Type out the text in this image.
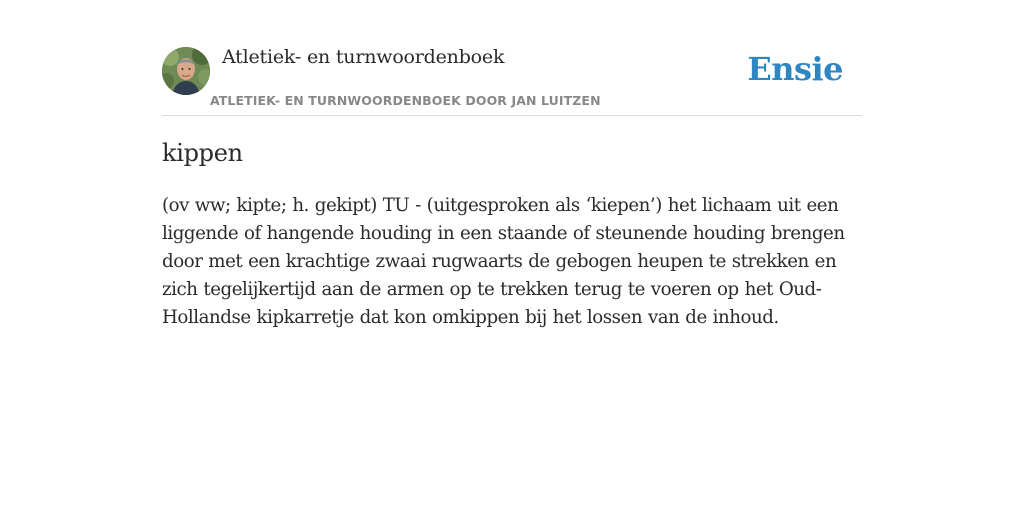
Atletiek- en turnwoordenboek
ATLETIEK- EN TURNWOORDENBOEK DOOR JAN LUITZEN
Ensie
kippen

(ov ww; kipte; h. gekipt) TU - (uitgesproken als ‘kiepen’) het lichaam uit een liggende of hangende houding in een staande of steunende houding brengen door met een krachtige zwaai rugwaarts de gebogen heupen te strekken en zich tegelijkertijd aan de armen op te trekken terug te voeren op het Oud-Hollandse kipkarretje dat kon omkippen bij het lossen van de inhoud.
